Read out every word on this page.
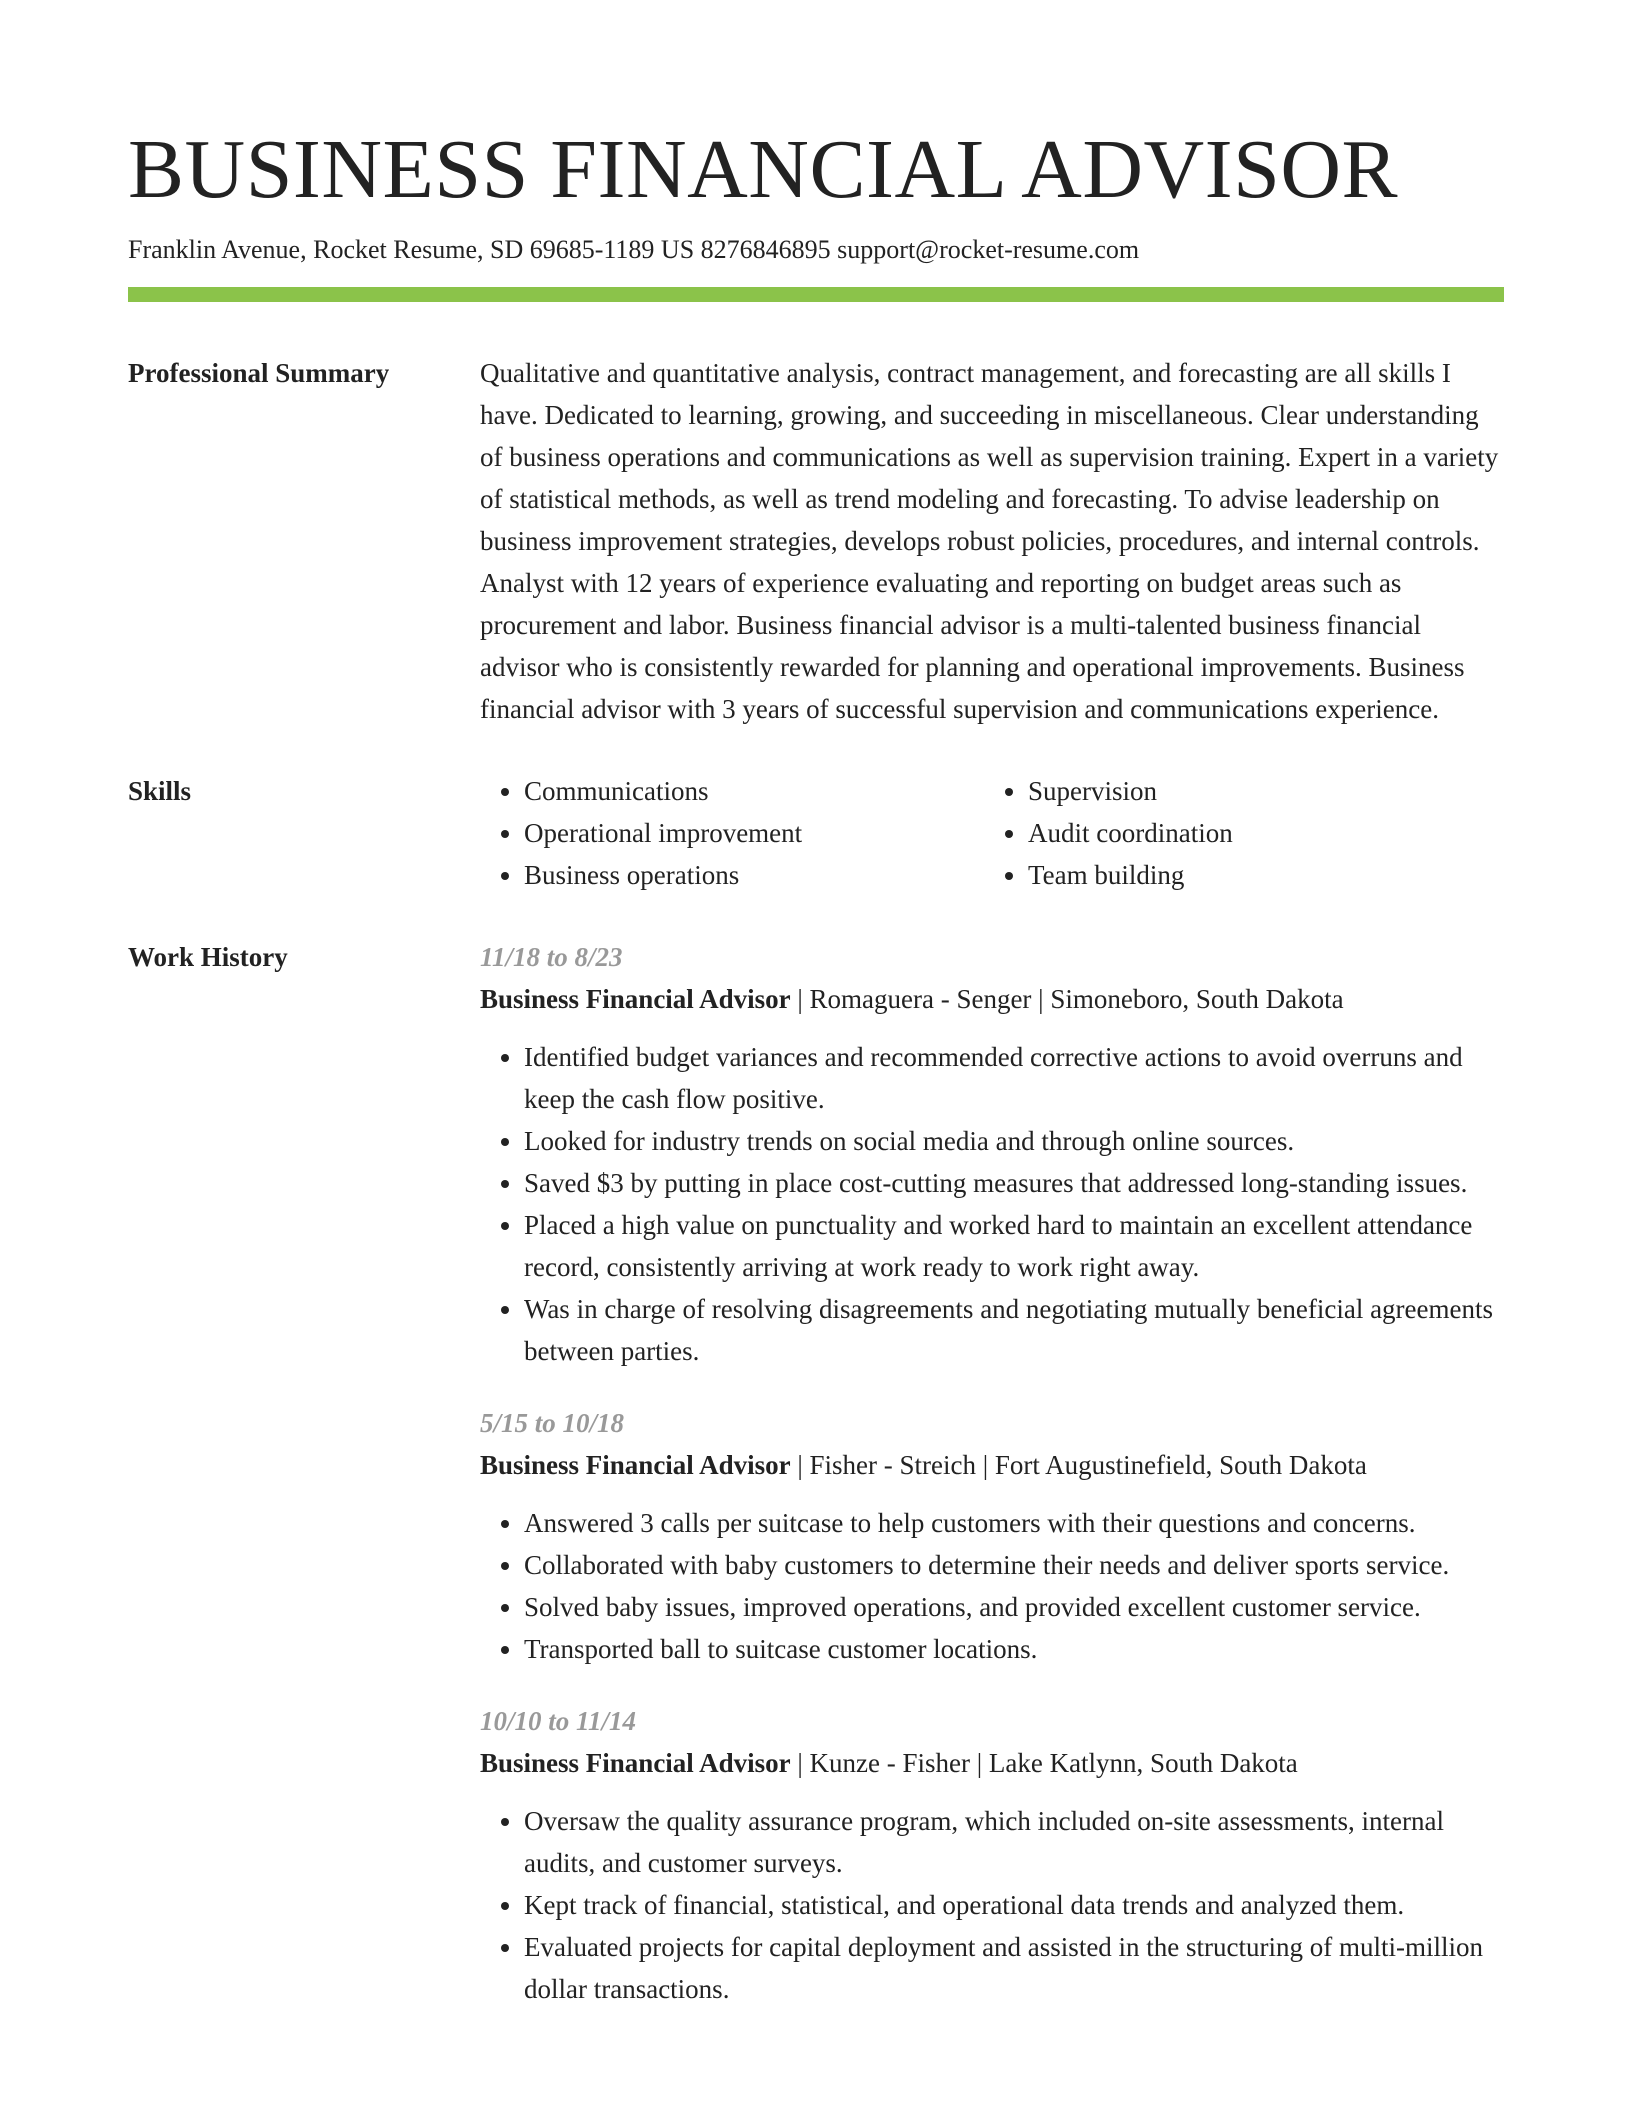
BUSINESS FINANCIAL ADVISOR
Franklin Avenue, Rocket Resume, SD 69685-1189 US 8276846895 support@rocket-resume.com
Professional Summary	Qualitative and quantitative analysis, contract management, and forecasting are all skills I have. Dedicated to learning, growing, and succeeding in miscellaneous. Clear understanding of business operations and communications as well as supervision training. Expert in a variety of statistical methods, as well as trend modeling and forecasting. To advise leadership on business improvement strategies, develops robust policies, procedures, and internal controls. Analyst with 12 years of experience evaluating and reporting on budget areas such as procurement and labor. Business financial advisor is a multi-talented business financial advisor who is consistently rewarded for planning and operational improvements. Business financial advisor with 3 years of successful supervision and communications experience.

Skills
•	Communications
• Operational improvement
• Business operations
• Supervision
• Audit coordination
• Team building
Work History	11/18 to 8/23
Business Financial Advisor | Romaguera - Senger | Simoneboro, South Dakota
• Identified budget variances and recommended corrective actions to avoid overruns and keep the cash flow positive.
• Looked for industry trends on social media and through online sources.
• Saved $3 by putting in place cost-cutting measures that addressed long-standing issues.
• Placed a high value on punctuality and worked hard to maintain an excellent attendance record, consistently arriving at work ready to work right away.
• Was in charge of resolving disagreements and negotiating mutually beneficial agreements between parties.
5/15 to 10/18
Business Financial Advisor | Fisher - Streich | Fort Augustinefield, South Dakota
• Answered 3 calls per suitcase to help customers with their questions and concerns.
• Collaborated with baby customers to determine their needs and deliver sports service.
• Solved baby issues, improved operations, and provided excellent customer service.
• Transported ball to suitcase customer locations.
10/10 to 11/14
Business Financial Advisor | Kunze - Fisher | Lake Katlynn, South Dakota
• Oversaw the quality assurance program, which included on-site assessments, internal audits, and customer surveys.
• Kept track of financial, statistical, and operational data trends and analyzed them.
• Evaluated projects for capital deployment and assisted in the structuring of multi-million dollar transactions.
